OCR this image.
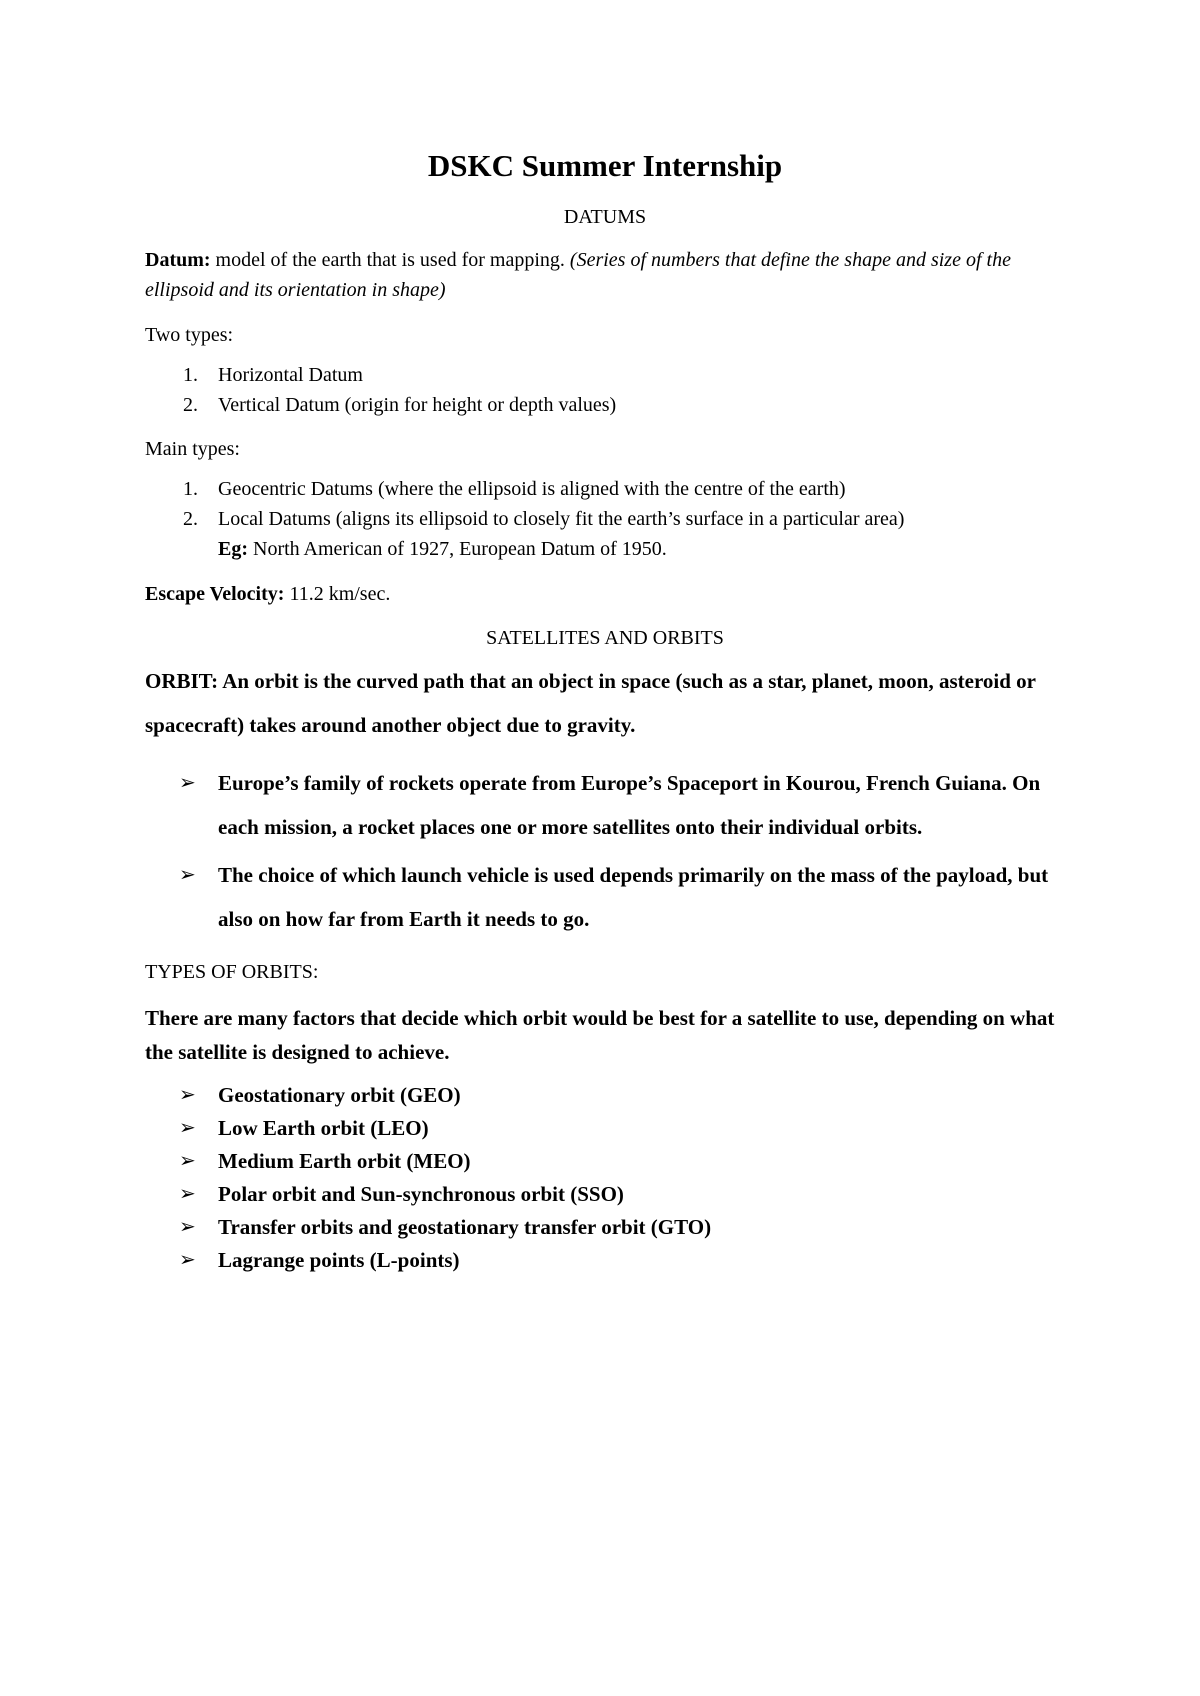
DSKC Summer Internship

DATUMS

Datum: model of the earth that is used for mapping. (Series of numbers that define the shape and size of the ellipsoid and its orientation in shape)

Two types:

1. Horizontal Datum
2. Vertical Datum (origin for height or depth values)

Main types:

1. Geocentric Datums (where the ellipsoid is aligned with the centre of the earth)
2. Local Datums (aligns its ellipsoid to closely fit the earth’s surface in a particular area)
Eg: North American of 1927, European Datum of 1950.

Escape Velocity: 11.2 km/sec.

SATELLITES AND ORBITS

ORBIT: An orbit is the curved path that an object in space (such as a star, planet, moon, asteroid or spacecraft) takes around another object due to gravity.

➢ Europe’s family of rockets operate from Europe’s Spaceport in Kourou, French Guiana. On each mission, a rocket places one or more satellites onto their individual orbits.
➢ The choice of which launch vehicle is used depends primarily on the mass of the payload, but also on how far from Earth it needs to go.

TYPES OF ORBITS:

There are many factors that decide which orbit would be best for a satellite to use, depending on what the satellite is designed to achieve.

➢ Geostationary orbit (GEO)
➢ Low Earth orbit (LEO)
➢ Medium Earth orbit (MEO)
➢ Polar orbit and Sun-synchronous orbit (SSO)
➢ Transfer orbits and geostationary transfer orbit (GTO)
➢ Lagrange points (L-points)
